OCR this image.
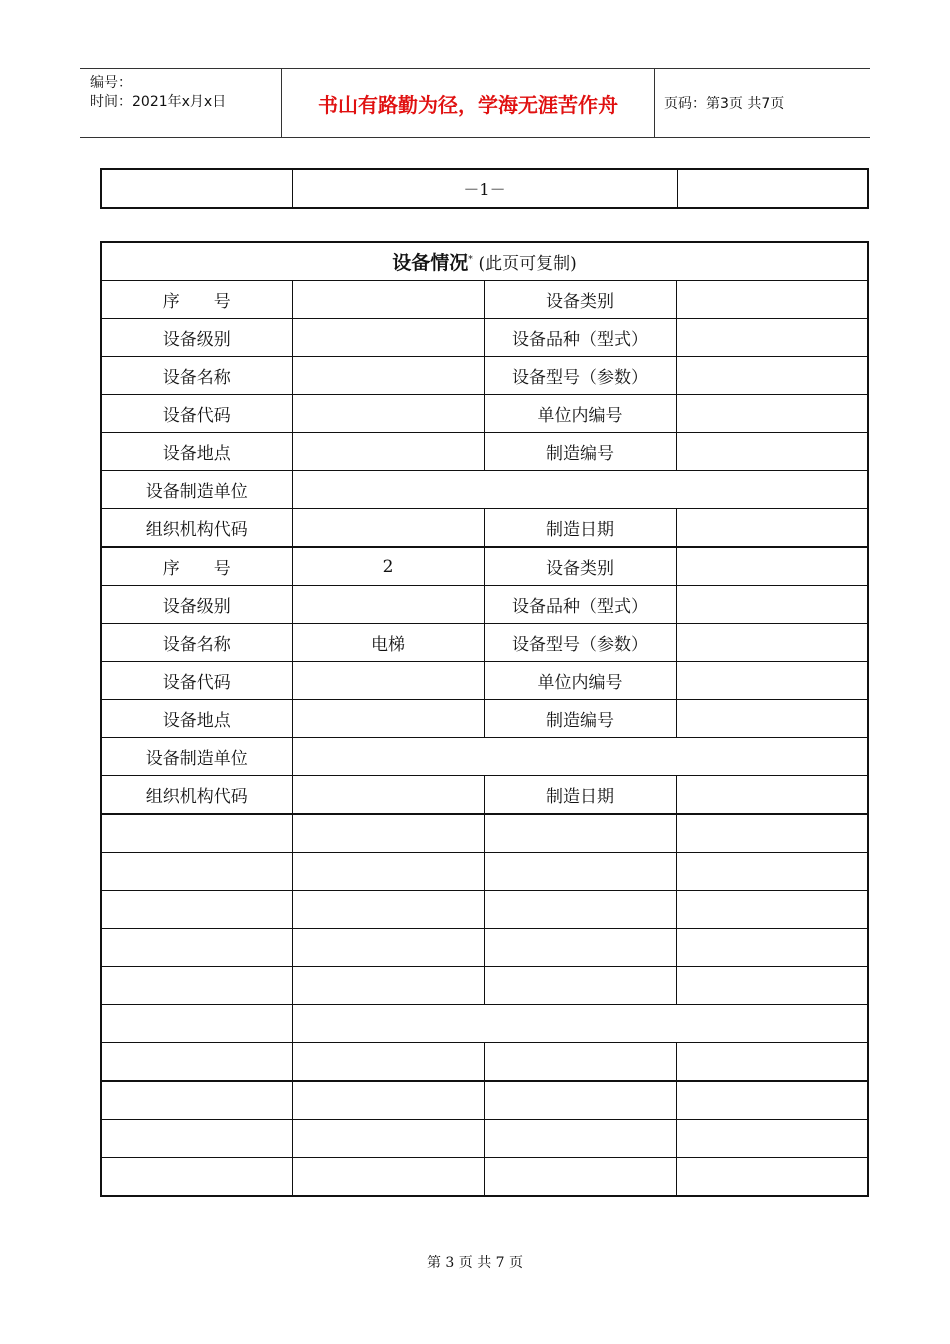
编号：
时间：2021年x月x日	书山有路勤为径，学海无涯苦作舟	页码：第3页 共7页
	－1－	
设备情况* (此页可复制)			
序　　号		设备类别	
设备级别		设备品种（型式）	
设备名称		设备型号（参数）	
设备代码		单位内编号	
设备地点		制造编号	
设备制造单位			
组织机构代码		制造日期	
序　　号	2	设备类别	
设备级别		设备品种（型式）	
设备名称	电梯	设备型号（参数）	
设备代码		单位内编号	
设备地点		制造编号	
设备制造单位			
组织机构代码		制造日期	

第 3 页 共 7 页
